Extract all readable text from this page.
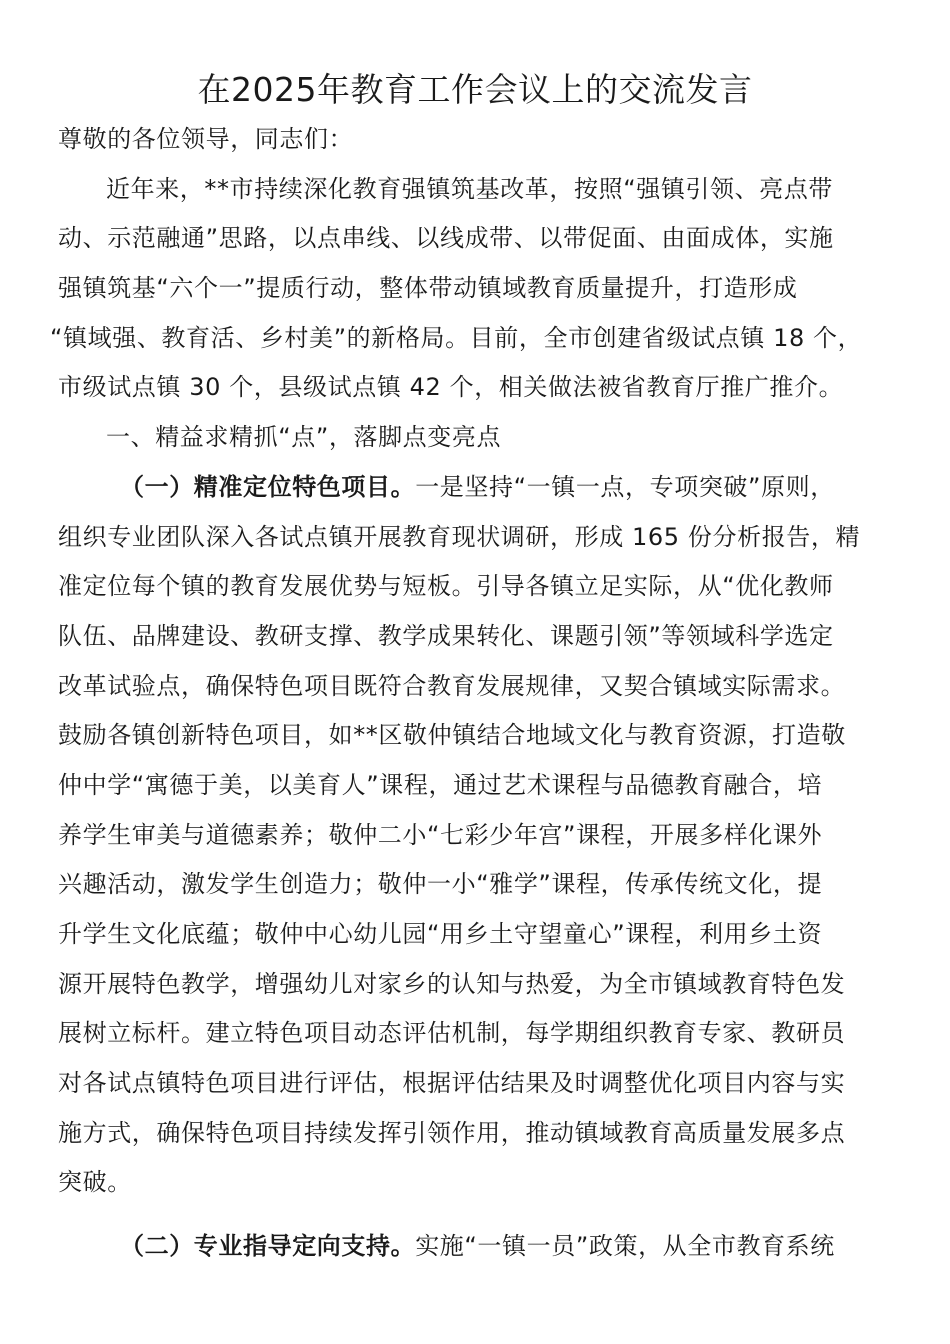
在2025年教育工作会议上的交流发言
尊敬的各位领导，同志们：
近年来，**市持续深化教育强镇筑基改革，按照“强镇引领、亮点带
动、示范融通”思路，以点串线、以线成带、以带促面、由面成体，实施
强镇筑基“六个一”提质行动，整体带动镇域教育质量提升，打造形成
“镇域强、教育活、乡村美”的新格局。目前，全市创建省级试点镇 18 个，
市级试点镇 30 个，县级试点镇 42 个，相关做法被省教育厅推广推介。
一、精益求精抓“点”，落脚点变亮点
（一）精准定位特色项目。一是坚持“一镇一点，专项突破”原则，
组织专业团队深入各试点镇开展教育现状调研，形成 165 份分析报告，精
准定位每个镇的教育发展优势与短板。引导各镇立足实际，从“优化教师
队伍、品牌建设、教研支撑、教学成果转化、课题引领”等领域科学选定
改革试验点，确保特色项目既符合教育发展规律，又契合镇域实际需求。
鼓励各镇创新特色项目，如**区敬仲镇结合地域文化与教育资源，打造敬
仲中学“寓德于美，以美育人”课程，通过艺术课程与品德教育融合，培
养学生审美与道德素养；敬仲二小“七彩少年宫”课程，开展多样化课外
兴趣活动，激发学生创造力；敬仲一小“雅学”课程，传承传统文化，提
升学生文化底蕴；敬仲中心幼儿园“用乡土守望童心”课程，利用乡土资
源开展特色教学，增强幼儿对家乡的认知与热爱，为全市镇域教育特色发
展树立标杆。建立特色项目动态评估机制，每学期组织教育专家、教研员
对各试点镇特色项目进行评估，根据评估结果及时调整优化项目内容与实
施方式，确保特色项目持续发挥引领作用，推动镇域教育高质量发展多点
突破。
（二）专业指导定向支持。实施“一镇一员”政策，从全市教育系统
